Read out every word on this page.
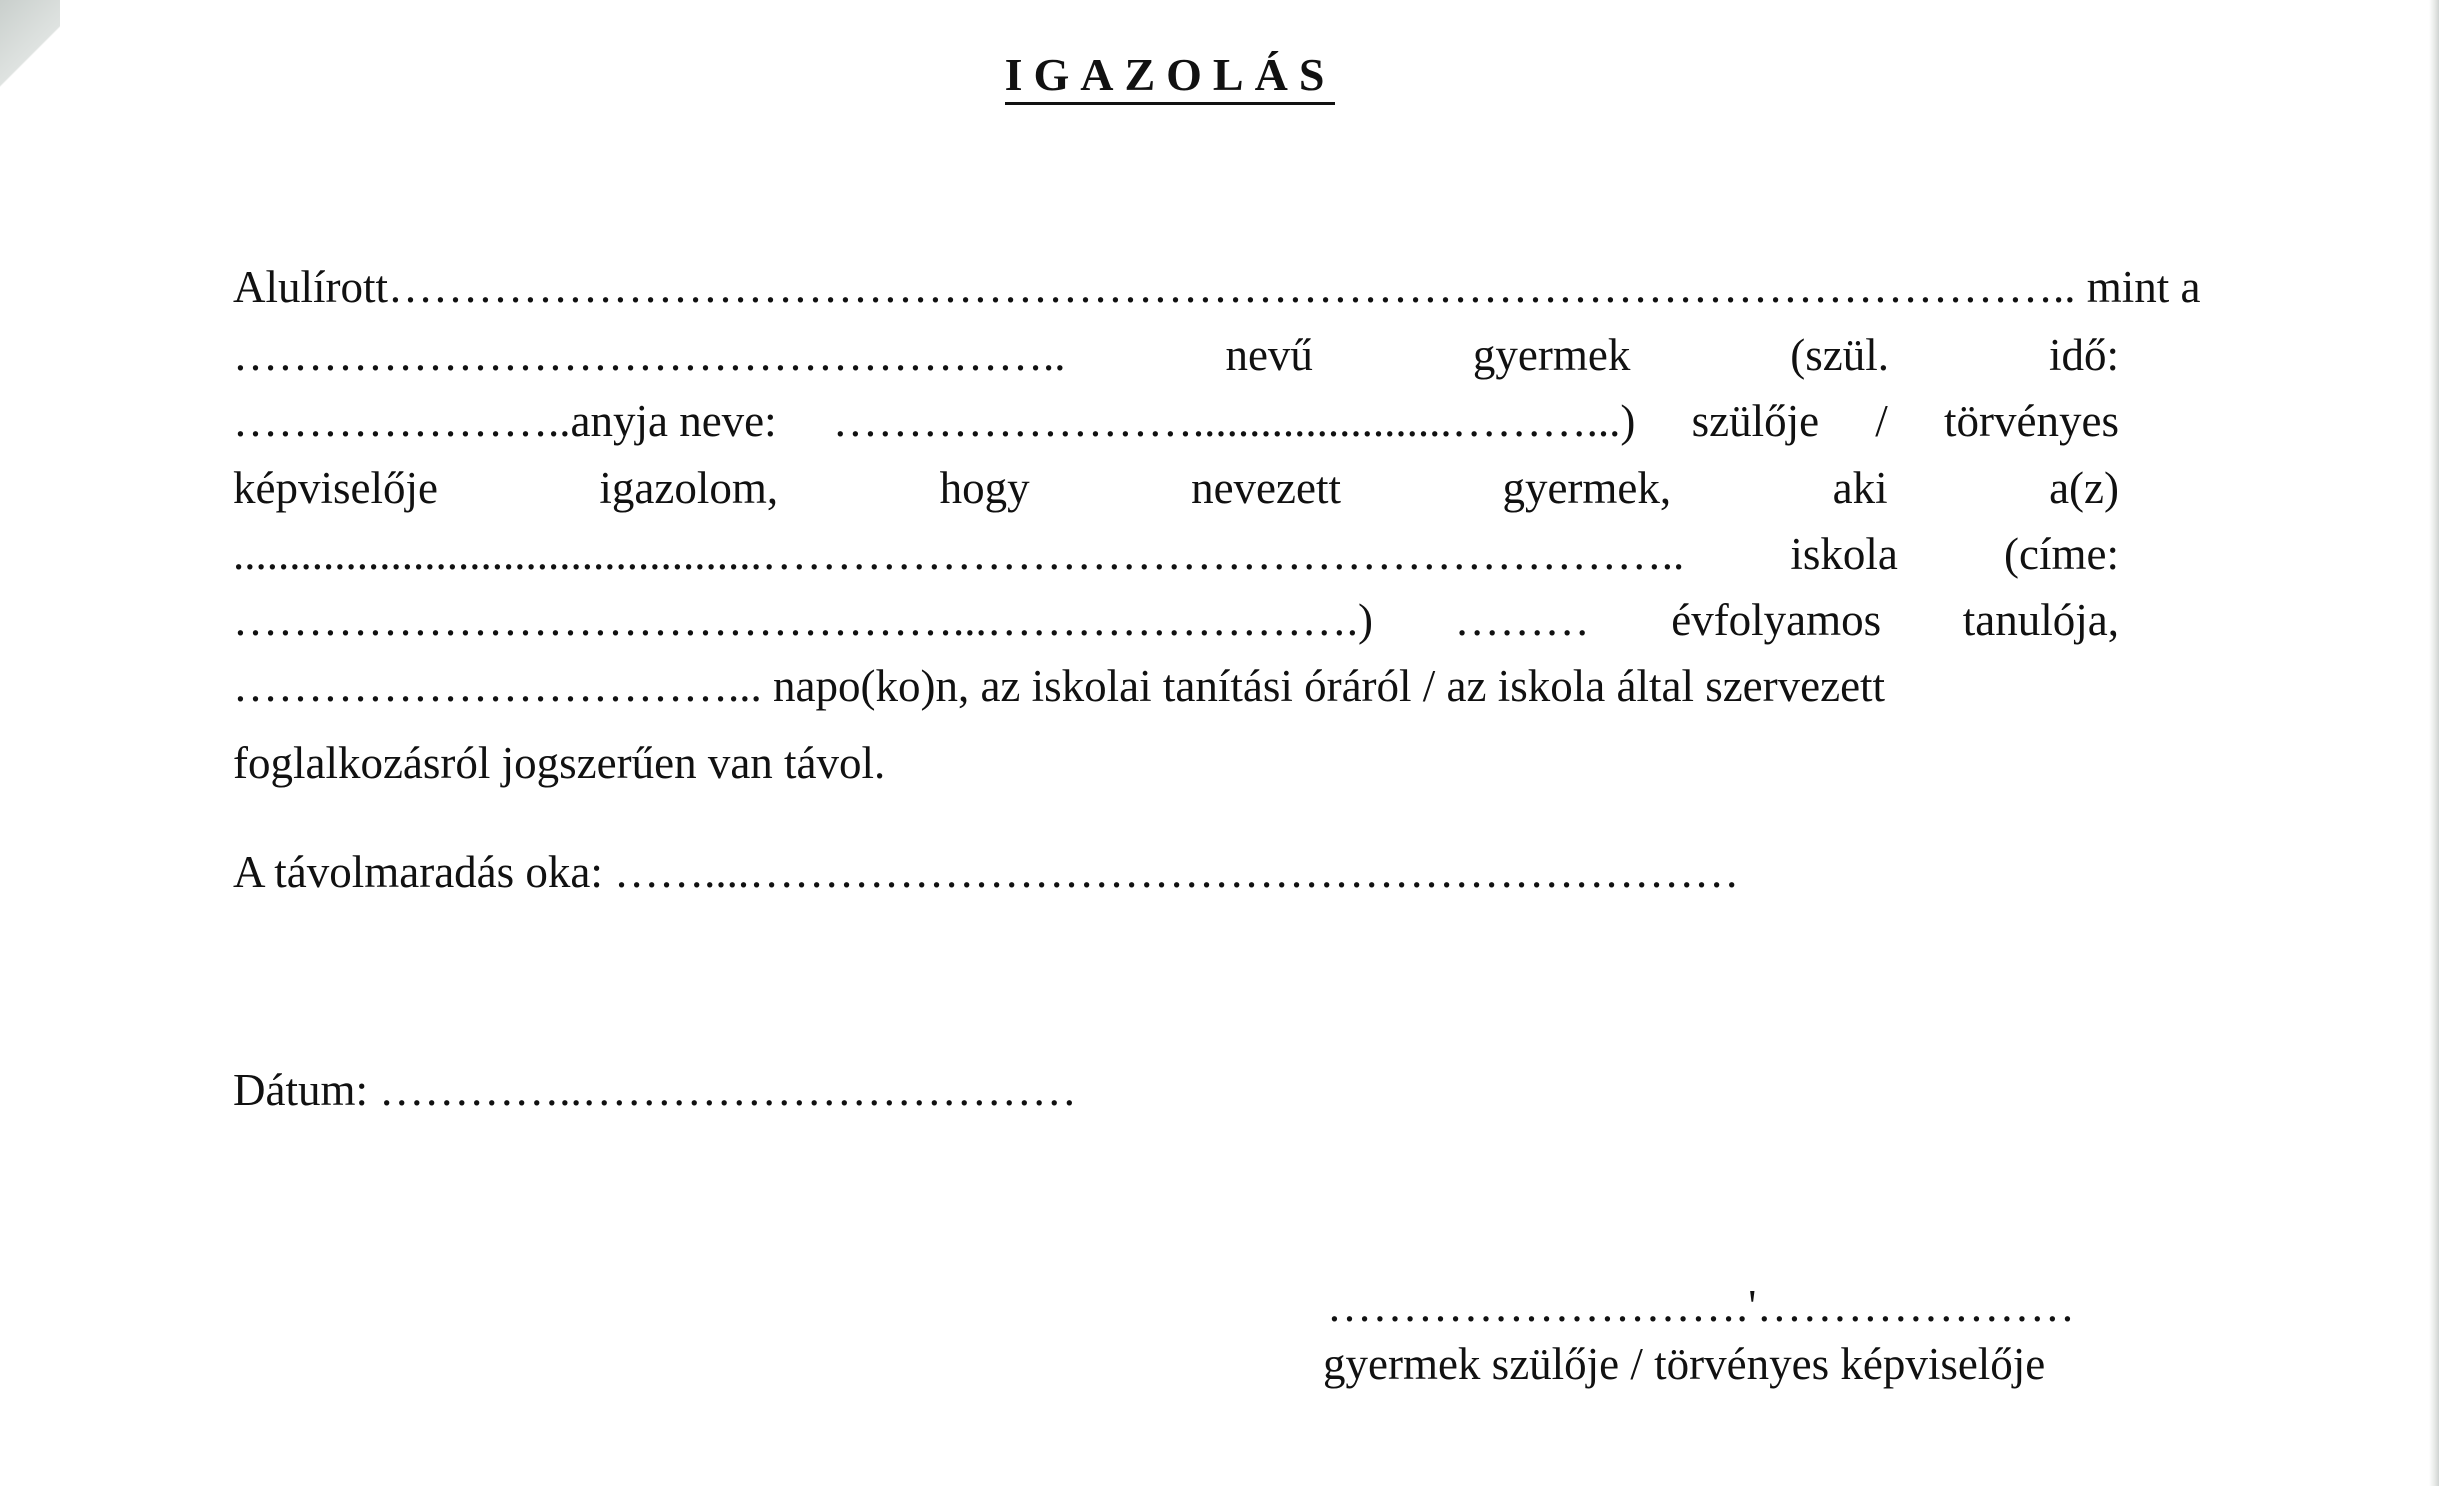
IGAZOLÁS
Alulírott ………………………………………………………………………………………………….. mint a
………………………………………………..	nevű	gyermek	(szül.	idő:
…………………..anyja neve: …………………….......................………...) szülője / törvényes
képviselője	igazolom,	hogy	nevezett	gyermek,	aki	a(z)
...............................................…………………………………………………….. iskola (címe:
…………………………………………...…………………….) ……… évfolyamos tanulója,
……………………………... napo(ko)n, az iskolai tanítási óráról / az iskola által szervezett
foglalkozásról jogszerűen van távol.
A távolmaradás oka: ……....…………………………………………………………
Dátum: …………..……………………………
……………………….'…………………
gyermek szülője / törvényes képviselője
